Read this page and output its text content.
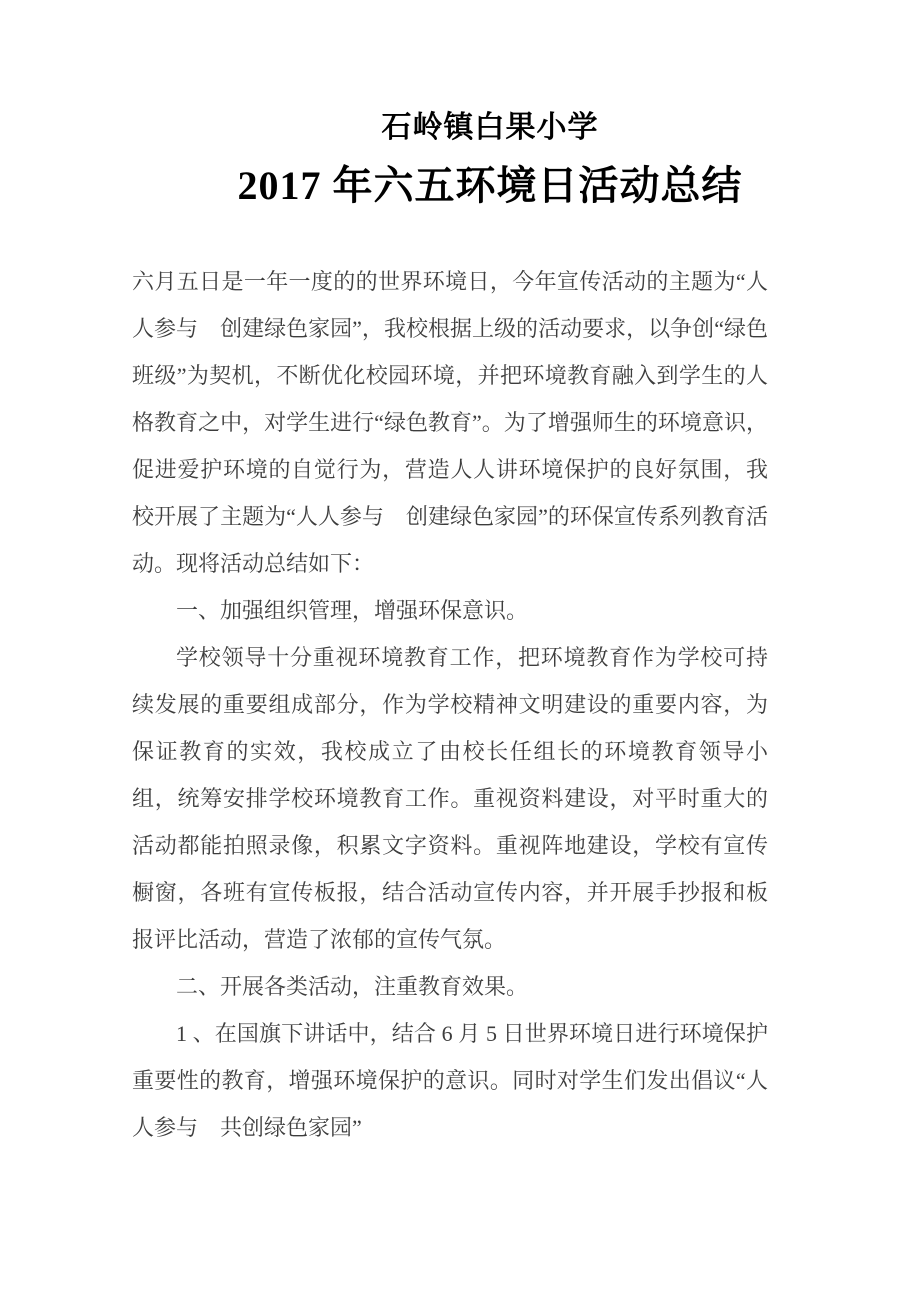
石岭镇白果小学
2017 年六五环境日活动总结

六月五日是一年一度的的世界环境日，今年宣传活动的主题为“人人参与　创建绿色家园”，我校根据上级的活动要求，以争创“绿色班级”为契机，不断优化校园环境，并把环境教育融入到学生的人格教育之中，对学生进行“绿色教育”。为了增强师生的环境意识，促进爱护环境的自觉行为，营造人人讲环境保护的良好氛围，我校开展了主题为“人人参与　创建绿色家园”的环保宣传系列教育活动。现将活动总结如下：

一、加强组织管理，增强环保意识。

学校领导十分重视环境教育工作，把环境教育作为学校可持续发展的重要组成部分，作为学校精神文明建设的重要内容，为保证教育的实效，我校成立了由校长任组长的环境教育领导小组，统筹安排学校环境教育工作。重视资料建设，对平时重大的活动都能拍照录像，积累文字资料。重视阵地建设，学校有宣传橱窗，各班有宣传板报，结合活动宣传内容，并开展手抄报和板报评比活动，营造了浓郁的宣传气氛。

二、开展各类活动，注重教育效果。

1 、在国旗下讲话中，结合 6 月 5 日世界环境日进行环境保护重要性的教育，增强环境保护的意识。同时对学生们发出倡议“人人参与　共创绿色家园”
